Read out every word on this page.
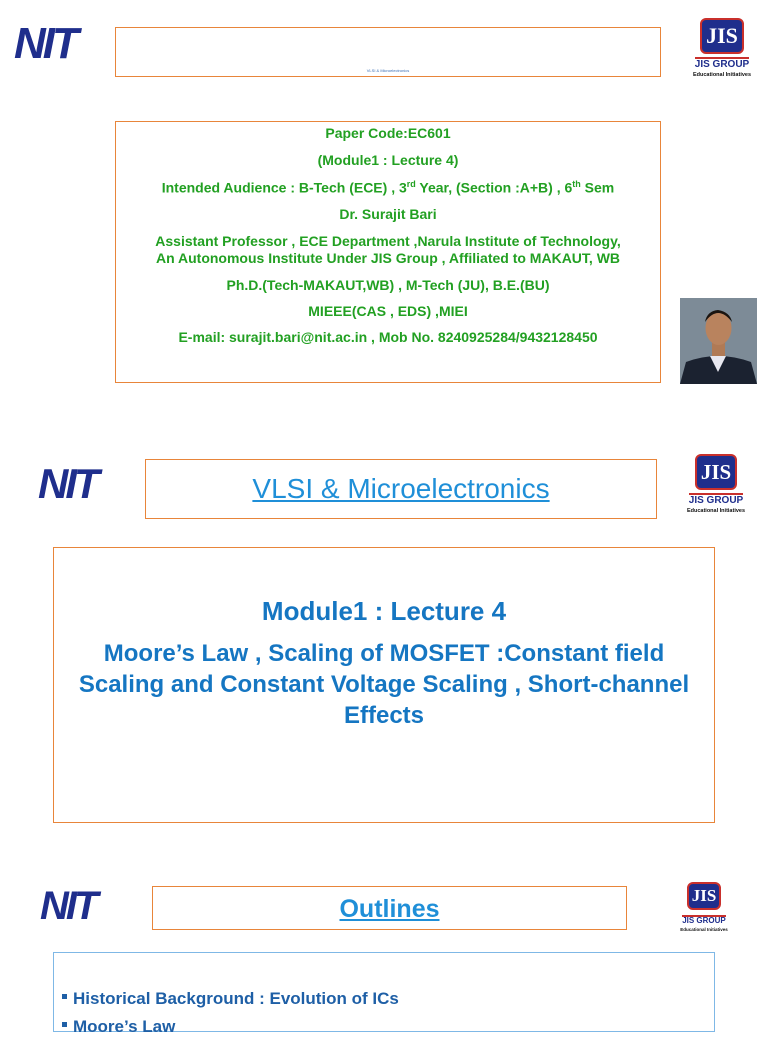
NIT
VLSI & Microelectronics
JIS
JIS GROUP
Educational Initiatives
Paper Code:EC601
(Module1 : Lecture 4)
Intended Audience : B-Tech (ECE) , 3rd Year, (Section :A+B) , 6th Sem
Dr. Surajit Bari
Assistant Professor , ECE Department ,Narula Institute of Technology,
An Autonomous Institute Under JIS Group , Affiliated to MAKAUT, WB
Ph.D.(Tech-MAKAUT,WB) , M-Tech (JU), B.E.(BU)
MIEEE(CAS , EDS) ,MIEI
E-mail: surajit.bari@nit.ac.in , Mob No. 8240925284/9432128450
NIT	VLSI & Microelectronics
JIS
JIS GROUP
Educational Initiatives
Module1 : Lecture 4
Moore’s Law , Scaling of MOSFET :Constant field Scaling and Constant Voltage Scaling , Short-channel Effects
NIT	Outlines	JIS
JIS GROUP
Educational Initiatives
Historical Background : Evolution of ICs
Moore’s Law
